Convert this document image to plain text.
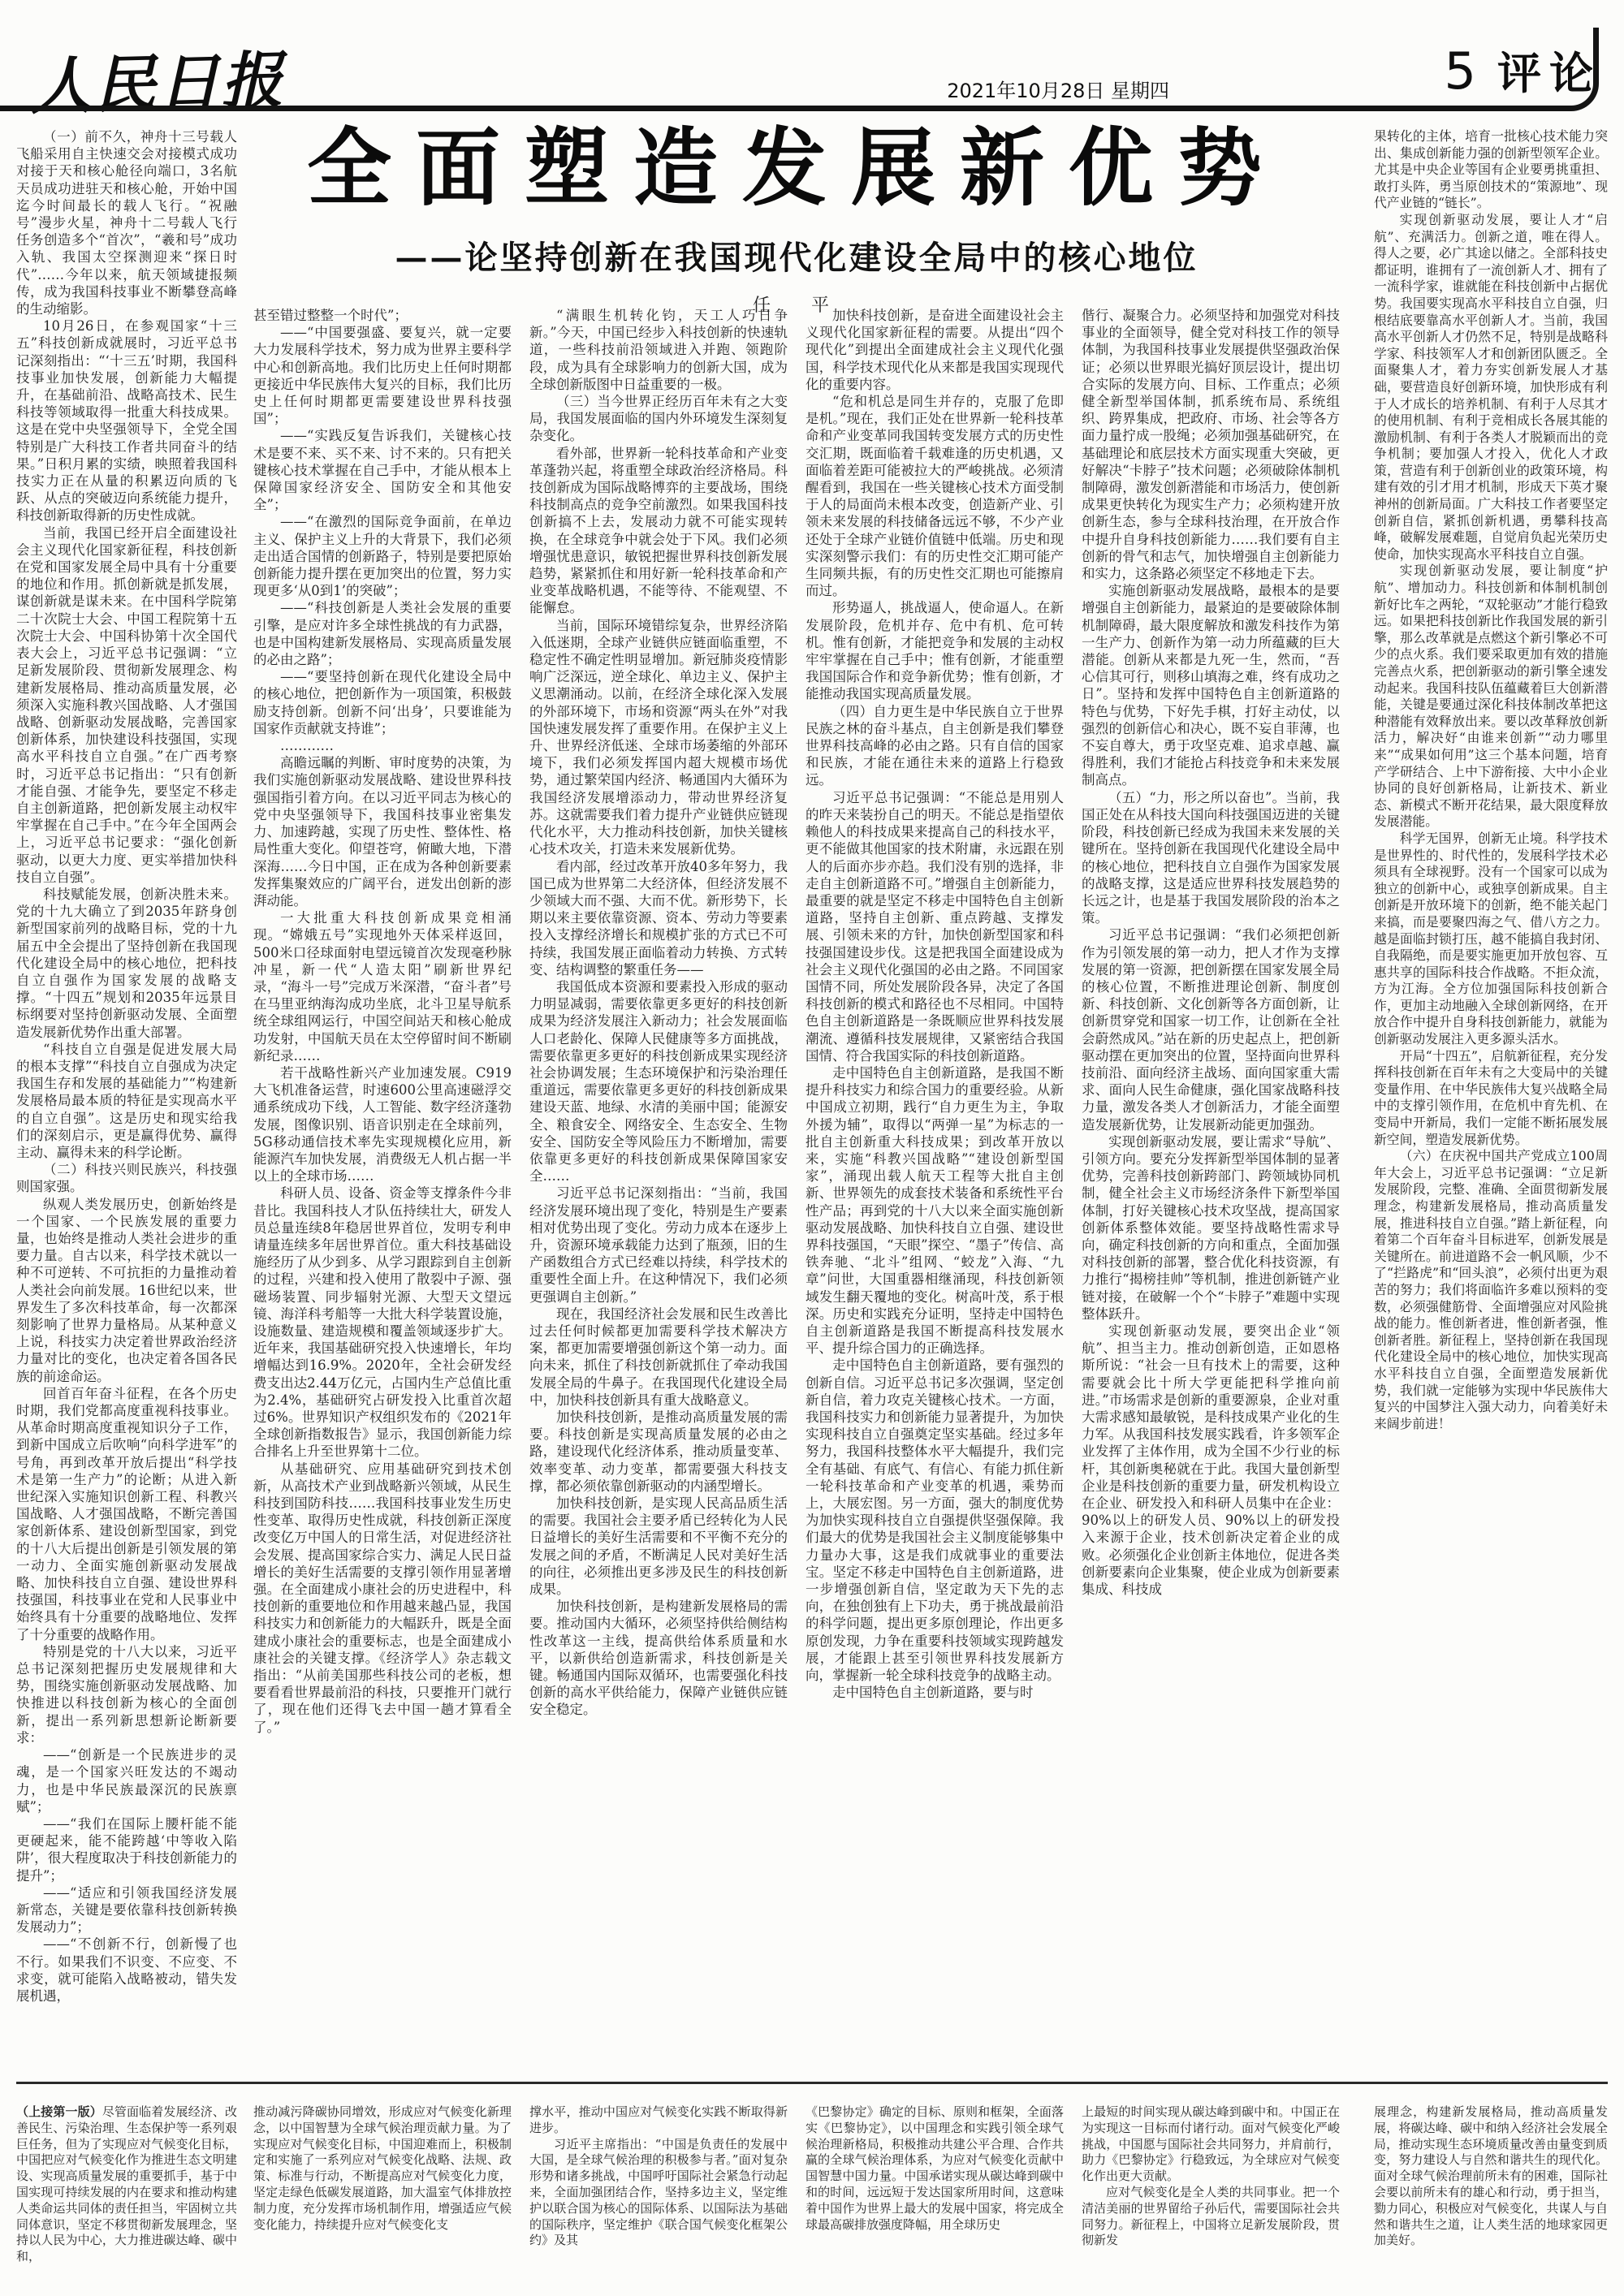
人民日报	2021年10月28日 星期四	5 评论
全面塑造发展新优势
——论坚持创新在我国现代化建设全局中的核心地位
任　平

（一）前不久，神舟十三号载人飞船采用自主快速交会对接模式成功对接于天和核心舱径向端口，3名航天员成功进驻天和核心舱，开始中国迄今时间最长的载人飞行。“祝融号”漫步火星，神舟十二号载人飞行任务创造多个“首次”，“羲和号”成功入轨、我国太空探测迎来“探日时代”……今年以来，航天领域捷报频传，成为我国科技事业不断攀登高峰的生动缩影。

10月26日，在参观国家“十三五”科技创新成就展时，习近平总书记深刻指出：“‘十三五’时期，我国科技事业加快发展，创新能力大幅提升，在基础前沿、战略高技术、民生科技等领域取得一批重大科技成果。这是在党中央坚强领导下，全党全国特别是广大科技工作者共同奋斗的结果。”日积月累的实绩，映照着我国科技实力正在从量的积累迈向质的飞跃、从点的突破迈向系统能力提升，科技创新取得新的历史性成就。

当前，我国已经开启全面建设社会主义现代化国家新征程，科技创新在党和国家发展全局中具有十分重要的地位和作用。抓创新就是抓发展，谋创新就是谋未来。在中国科学院第二十次院士大会、中国工程院第十五次院士大会、中国科协第十次全国代表大会上，习近平总书记强调：“立足新发展阶段、贯彻新发展理念、构建新发展格局、推动高质量发展，必须深入实施科教兴国战略、人才强国战略、创新驱动发展战略，完善国家创新体系，加快建设科技强国，实现高水平科技自立自强。”在广西考察时，习近平总书记指出：“只有创新才能自强、才能争先，要坚定不移走自主创新道路，把创新发展主动权牢牢掌握在自己手中。”在今年全国两会上，习近平总书记要求：“强化创新驱动，以更大力度、更实举措加快科技自立自强”。

科技赋能发展，创新决胜未来。党的十九大确立了到2035年跻身创新型国家前列的战略目标，党的十九届五中全会提出了坚持创新在我国现代化建设全局中的核心地位，把科技自立自强作为国家发展的战略支撑。“十四五”规划和2035年远景目标纲要对坚持创新驱动发展、全面塑造发展新优势作出重大部署。

“科技自立自强是促进发展大局的根本支撑”“科技自立自强成为决定我国生存和发展的基础能力”“构建新发展格局最本质的特征是实现高水平的自立自强”。这是历史和现实给我们的深刻启示，更是赢得优势、赢得主动、赢得未来的科学论断。

（二）科技兴则民族兴，科技强则国家强。

纵观人类发展历史，创新始终是一个国家、一个民族发展的重要力量，也始终是推动人类社会进步的重要力量。自古以来，科学技术就以一种不可逆转、不可抗拒的力量推动着人类社会向前发展。16世纪以来，世界发生了多次科技革命，每一次都深刻影响了世界力量格局。从某种意义上说，科技实力决定着世界政治经济力量对比的变化，也决定着各国各民族的前途命运。

回首百年奋斗征程，在各个历史时期，我们党都高度重视科技事业。从革命时期高度重视知识分子工作，到新中国成立后吹响“向科学进军”的号角，再到改革开放后提出“科学技术是第一生产力”的论断；从进入新世纪深入实施知识创新工程、科教兴国战略、人才强国战略，不断完善国家创新体系、建设创新型国家，到党的十八大后提出创新是引领发展的第一动力、全面实施创新驱动发展战略、加快科技自立自强、建设世界科技强国，科技事业在党和人民事业中始终具有十分重要的战略地位、发挥了十分重要的战略作用。

特别是党的十八大以来，习近平总书记深刻把握历史发展规律和大势，围绕实施创新驱动发展战略、加快推进以科技创新为核心的全面创新，提出一系列新思想新论断新要求：

——“创新是一个民族进步的灵魂，是一个国家兴旺发达的不竭动力，也是中华民族最深沉的民族禀赋”；

——“我们在国际上腰杆能不能更硬起来，能不能跨越‘中等收入陷阱’，很大程度取决于科技创新能力的提升”；

——“适应和引领我国经济发展新常态，关键是要依靠科技创新转换发展动力”；

——“不创新不行，创新慢了也不行。如果我们不识变、不应变、不求变，就可能陷入战略被动，错失发展机遇，

甚至错过整整一个时代”；

——“中国要强盛、要复兴，就一定要大力发展科学技术，努力成为世界主要科学中心和创新高地。我们比历史上任何时期都更接近中华民族伟大复兴的目标，我们比历史上任何时期都更需要建设世界科技强国”；

——“实践反复告诉我们，关键核心技术是要不来、买不来、讨不来的。只有把关键核心技术掌握在自己手中，才能从根本上保障国家经济安全、国防安全和其他安全”；

——“在激烈的国际竞争面前，在单边主义、保护主义上升的大背景下，我们必须走出适合国情的创新路子，特别是要把原始创新能力提升摆在更加突出的位置，努力实现更多‘从0到1’的突破”；

——“科技创新是人类社会发展的重要引擎，是应对许多全球性挑战的有力武器，也是中国构建新发展格局、实现高质量发展的必由之路”；

——“要坚持创新在现代化建设全局中的核心地位，把创新作为一项国策，积极鼓励支持创新。创新不问‘出身’，只要谁能为国家作贡献就支持谁”；

…………

高瞻远瞩的判断、审时度势的决策，为我们实施创新驱动发展战略、建设世界科技强国指引着方向。在以习近平同志为核心的党中央坚强领导下，我国科技事业密集发力、加速跨越，实现了历史性、整体性、格局性重大变化。仰望苍穹，俯瞰大地，下潜深海……今日中国，正在成为各种创新要素发挥集聚效应的广阔平台，迸发出创新的澎湃动能。

一大批重大科技创新成果竞相涌现。“嫦娥五号”实现地外天体采样返回，500米口径球面射电望远镜首次发现毫秒脉冲星，新一代“人造太阳”刷新世界纪录，“海斗一号”完成万米深潜，“奋斗者”号在马里亚纳海沟成功坐底，北斗卫星导航系统全球组网运行，中国空间站天和核心舱成功发射，中国航天员在太空停留时间不断刷新纪录……

若干战略性新兴产业加速发展。C919大飞机准备运营，时速600公里高速磁浮交通系统成功下线，人工智能、数字经济蓬勃发展，图像识别、语音识别走在全球前列，5G移动通信技术率先实现规模化应用，新能源汽车加快发展，消费级无人机占据一半以上的全球市场……

科研人员、设备、资金等支撑条件今非昔比。我国科技人才队伍持续壮大，研发人员总量连续8年稳居世界首位，发明专利申请量连续多年居世界首位。重大科技基础设施经历了从少到多、从学习跟踪到自主创新的过程，兴建和投入使用了散裂中子源、强磁场装置、同步辐射光源、大型天文望远镜、海洋科考船等一大批大科学装置设施，设施数量、建造规模和覆盖领域逐步扩大。近年来，我国基础研究投入快速增长，年均增幅达到16.9%。2020年，全社会研发经费支出达2.44万亿元，占国内生产总值比重为2.4%，基础研究占研发投入比重首次超过6%。世界知识产权组织发布的《2021年全球创新指数报告》显示，我国创新能力综合排名上升至世界第十二位。

从基础研究、应用基础研究到技术创新，从高技术产业到战略新兴领域，从民生科技到国防科技……我国科技事业发生历史性变革、取得历史性成就，科技创新正深度改变亿万中国人的日常生活，对促进经济社会发展、提高国家综合实力、满足人民日益增长的美好生活需要的支撑引领作用显著增强。在全面建成小康社会的历史进程中，科技创新的重要地位和作用越来越凸显，我国科技实力和创新能力的大幅跃升，既是全面建成小康社会的重要标志，也是全面建成小康社会的关键支撑。《经济学人》杂志载文指出：“从前美国那些科技公司的老板，想要看看世界最前沿的科技，只要推开门就行了，现在他们还得飞去中国一趟才算看全了。”

“满眼生机转化钧，天工人巧日争新。”今天，中国已经步入科技创新的快速轨道，一些科技前沿领域进入并跑、领跑阶段，成为具有全球影响力的创新大国，成为全球创新版图中日益重要的一极。

（三）当今世界正经历百年未有之大变局，我国发展面临的国内外环境发生深刻复杂变化。

看外部，世界新一轮科技革命和产业变革蓬勃兴起，将重塑全球政治经济格局。科技创新成为国际战略博弈的主要战场，围绕科技制高点的竞争空前激烈。如果我国科技创新搞不上去，发展动力就不可能实现转换，在全球竞争中就会处于下风。我们必须增强忧患意识，敏锐把握世界科技创新发展趋势，紧紧抓住和用好新一轮科技革命和产业变革战略机遇，不能等待、不能观望、不能懈怠。

当前，国际环境错综复杂，世界经济陷入低迷期，全球产业链供应链面临重塑，不稳定性不确定性明显增加。新冠肺炎疫情影响广泛深远，逆全球化、单边主义、保护主义思潮涌动。以前，在经济全球化深入发展的外部环境下，市场和资源“两头在外”对我国快速发展发挥了重要作用。在保护主义上升、世界经济低迷、全球市场萎缩的外部环境下，我们必须发挥国内超大规模市场优势，通过繁荣国内经济、畅通国内大循环为我国经济发展增添动力，带动世界经济复苏。这就需要我们着力提升产业链供应链现代化水平，大力推动科技创新，加快关键核心技术攻关，打造未来发展新优势。

看内部，经过改革开放40多年努力，我国已成为世界第二大经济体，但经济发展不少领域大而不强、大而不优。新形势下，长期以来主要依靠资源、资本、劳动力等要素投入支撑经济增长和规模扩张的方式已不可持续，我国发展正面临着动力转换、方式转变、结构调整的繁重任务——

我国低成本资源和要素投入形成的驱动力明显减弱，需要依靠更多更好的科技创新成果为经济发展注入新动力；社会发展面临人口老龄化、保障人民健康等多方面挑战，需要依靠更多更好的科技创新成果实现经济社会协调发展；生态环境保护和污染治理任重道远，需要依靠更多更好的科技创新成果建设天蓝、地绿、水清的美丽中国；能源安全、粮食安全、网络安全、生态安全、生物安全、国防安全等风险压力不断增加，需要依靠更多更好的科技创新成果保障国家安全……

习近平总书记深刻指出：“当前，我国经济发展环境出现了变化，特别是生产要素相对优势出现了变化。劳动力成本在逐步上升，资源环境承载能力达到了瓶颈，旧的生产函数组合方式已经难以持续，科学技术的重要性全面上升。在这种情况下，我们必须更强调自主创新。”

现在，我国经济社会发展和民生改善比过去任何时候都更加需要科学技术解决方案，都更加需要增强创新这个第一动力。面向未来，抓住了科技创新就抓住了牵动我国发展全局的牛鼻子。在我国现代化建设全局中，加快科技创新具有重大战略意义。

加快科技创新，是推动高质量发展的需要。科技创新是实现高质量发展的必由之路，建设现代化经济体系，推动质量变革、效率变革、动力变革，都需要强大科技支撑，都必须依靠创新驱动的内涵型增长。

加快科技创新，是实现人民高品质生活的需要。我国社会主要矛盾已经转化为人民日益增长的美好生活需要和不平衡不充分的发展之间的矛盾，不断满足人民对美好生活的向往，必须推出更多涉及民生的科技创新成果。

加快科技创新，是构建新发展格局的需要。推动国内大循环，必须坚持供给侧结构性改革这一主线，提高供给体系质量和水平，以新供给创造新需求，科技创新是关键。畅通国内国际双循环，也需要强化科技创新的高水平供给能力，保障产业链供应链安全稳定。

加快科技创新，是奋进全面建设社会主义现代化国家新征程的需要。从提出“四个现代化”到提出全面建成社会主义现代化强国，科学技术现代化从来都是我国实现现代化的重要内容。

“危和机总是同生并存的，克服了危即是机。”现在，我们正处在世界新一轮科技革命和产业变革同我国转变发展方式的历史性交汇期，既面临着千载难逢的历史机遇，又面临着差距可能被拉大的严峻挑战。必须清醒看到，我国在一些关键核心技术方面受制于人的局面尚未根本改变，创造新产业、引领未来发展的科技储备远远不够，不少产业还处于全球产业链价值链中低端。历史和现实深刻警示我们：有的历史性交汇期可能产生同频共振，有的历史性交汇期也可能擦肩而过。

形势逼人，挑战逼人，使命逼人。在新发展阶段，危机并存、危中有机、危可转机。惟有创新，才能把竞争和发展的主动权牢牢掌握在自己手中；惟有创新，才能重塑我国国际合作和竞争新优势；惟有创新，才能推动我国实现高质量发展。

（四）自力更生是中华民族自立于世界民族之林的奋斗基点，自主创新是我们攀登世界科技高峰的必由之路。只有自信的国家和民族，才能在通往未来的道路上行稳致远。

习近平总书记强调：“不能总是用别人的昨天来装扮自己的明天。不能总是指望依赖他人的科技成果来提高自己的科技水平，更不能做其他国家的技术附庸，永远跟在别人的后面亦步亦趋。我们没有别的选择，非走自主创新道路不可。”增强自主创新能力，最重要的就是坚定不移走中国特色自主创新道路，坚持自主创新、重点跨越、支撑发展、引领未来的方针，加快创新型国家和科技强国建设步伐。这是把我国全面建设成为社会主义现代化强国的必由之路。不同国家国情不同，所处发展阶段各异，决定了各国科技创新的模式和路径也不尽相同。中国特色自主创新道路是一条既顺应世界科技发展潮流、遵循科技发展规律，又紧密结合我国国情、符合我国实际的科技创新道路。

走中国特色自主创新道路，是我国不断提升科技实力和综合国力的重要经验。从新中国成立初期，践行“自力更生为主，争取外援为辅”，取得以“两弹一星”为标志的一批自主创新重大科技成果；到改革开放以来，实施“科教兴国战略”“建设创新型国家”，涌现出载人航天工程等大批自主创新、世界领先的成套技术装备和系统性平台性产品；再到党的十八大以来全面实施创新驱动发展战略、加快科技自立自强、建设世界科技强国，“天眼”探空、“墨子”传信、高铁奔驰、“北斗”组网、“蛟龙”入海、“九章”问世，大国重器相继涌现，科技创新领域发生翻天覆地的变化。树高叶茂，系于根深。历史和实践充分证明，坚持走中国特色自主创新道路是我国不断提高科技发展水平、提升综合国力的正确选择。

走中国特色自主创新道路，要有强烈的创新自信。习近平总书记多次强调，坚定创新自信，着力攻克关键核心技术。一方面，我国科技实力和创新能力显著提升，为加快实现科技自立自强奠定坚实基础。经过多年努力，我国科技整体水平大幅提升，我们完全有基础、有底气、有信心、有能力抓住新一轮科技革命和产业变革的机遇，乘势而上，大展宏图。另一方面，强大的制度优势为加快实现科技自立自强提供坚强保障。我们最大的优势是我国社会主义制度能够集中力量办大事，这是我们成就事业的重要法宝。坚定不移走中国特色自主创新道路，进一步增强创新自信，坚定敢为天下先的志向，在独创独有上下功夫，勇于挑战最前沿的科学问题，提出更多原创理论，作出更多原创发现，力争在重要科技领域实现跨越发展，才能跟上甚至引领世界科技发展新方向，掌握新一轮全球科技竞争的战略主动。

走中国特色自主创新道路，要与时

偕行、凝聚合力。必须坚持和加强党对科技事业的全面领导，健全党对科技工作的领导体制，为我国科技事业发展提供坚强政治保证；必须以世界眼光搞好顶层设计，提出切合实际的发展方向、目标、工作重点；必须健全新型举国体制，抓系统布局、系统组织、跨界集成，把政府、市场、社会等各方面力量拧成一股绳；必须加强基础研究，在基础理论和底层技术方面实现重大突破，更好解决“卡脖子”技术问题；必须破除体制机制障碍，激发创新潜能和市场活力，使创新成果更快转化为现实生产力；必须构建开放创新生态，参与全球科技治理，在开放合作中提升自身科技创新能力……我们要有自主创新的骨气和志气，加快增强自主创新能力和实力，这条路必须坚定不移地走下去。

实施创新驱动发展战略，最根本的是要增强自主创新能力，最紧迫的是要破除体制机制障碍，最大限度解放和激发科技作为第一生产力、创新作为第一动力所蕴藏的巨大潜能。创新从来都是九死一生，然而，“吾心信其可行，则移山填海之难，终有成功之日”。坚持和发挥中国特色自主创新道路的特色与优势，下好先手棋，打好主动仗，以强烈的创新信心和决心，既不妄自菲薄，也不妄自尊大，勇于攻坚克难、追求卓越、赢得胜利，我们才能抢占科技竞争和未来发展制高点。

（五）“力，形之所以奋也”。当前，我国正处在从科技大国向科技强国迈进的关键阶段，科技创新已经成为我国未来发展的关键所在。坚持创新在我国现代化建设全局中的核心地位，把科技自立自强作为国家发展的战略支撑，这是适应世界科技发展趋势的长远之计，也是基于我国发展阶段的治本之策。

习近平总书记强调：“我们必须把创新作为引领发展的第一动力，把人才作为支撑发展的第一资源，把创新摆在国家发展全局的核心位置，不断推进理论创新、制度创新、科技创新、文化创新等各方面创新，让创新贯穿党和国家一切工作，让创新在全社会蔚然成风。”站在新的历史起点上，把创新驱动摆在更加突出的位置，坚持面向世界科技前沿、面向经济主战场、面向国家重大需求、面向人民生命健康，强化国家战略科技力量，激发各类人才创新活力，才能全面塑造发展新优势，让发展新动能更加强劲。

实现创新驱动发展，要让需求“导航”、引领方向。要充分发挥新型举国体制的显著优势，完善科技创新跨部门、跨领域协同机制，健全社会主义市场经济条件下新型举国体制，打好关键核心技术攻坚战，提高国家创新体系整体效能。要坚持战略性需求导向，确定科技创新的方向和重点，全面加强对科技创新的部署，整合优化科技资源，有力推行“揭榜挂帅”等机制，推进创新链产业链对接，在破解一个个“卡脖子”难题中实现整体跃升。

实现创新驱动发展，要突出企业“领航”、担当主力。推动创新创造，正如恩格斯所说：“社会一旦有技术上的需要，这种需要就会比十所大学更能把科学推向前进。”市场需求是创新的重要源泉，企业对重大需求感知最敏锐，是科技成果产业化的生力军。从我国科技发展实践看，许多领军企业发挥了主体作用，成为全国不少行业的标杆，其创新奥秘就在于此。我国大量创新型企业是科技创新的重要力量，研发机构设立在企业、研发投入和科研人员集中在企业：90%以上的研发人员、90%以上的研发投入来源于企业，技术创新决定着企业的成败。必须强化企业创新主体地位，促进各类创新要素向企业集聚，使企业成为创新要素集成、科技成

果转化的主体，培育一批核心技术能力突出、集成创新能力强的创新型领军企业。尤其是中央企业等国有企业要勇挑重担、敢打头阵，勇当原创技术的“策源地”、现代产业链的“链长”。

实现创新驱动发展，要让人才“启航”、充满活力。创新之道，唯在得人。得人之要，必广其途以储之。全部科技史都证明，谁拥有了一流创新人才、拥有了一流科学家，谁就能在科技创新中占据优势。我国要实现高水平科技自立自强，归根结底要靠高水平创新人才。当前，我国高水平创新人才仍然不足，特别是战略科学家、科技领军人才和创新团队匮乏。全面聚集人才，着力夯实创新发展人才基础，要营造良好创新环境，加快形成有利于人才成长的培养机制、有利于人尽其才的使用机制、有利于竞相成长各展其能的激励机制、有利于各类人才脱颖而出的竞争机制；要加强人才投入，优化人才政策，营造有利于创新创业的政策环境，构建有效的引才用才机制，形成天下英才聚神州的创新局面。广大科技工作者要坚定创新自信，紧抓创新机遇，勇攀科技高峰，破解发展难题，自觉肩负起光荣历史使命，加快实现高水平科技自立自强。

实现创新驱动发展，要让制度“护航”、增加动力。科技创新和体制机制创新好比车之两轮，“双轮驱动”才能行稳致远。如果把科技创新比作我国发展的新引擎，那么改革就是点燃这个新引擎必不可少的点火系。我们要采取更加有效的措施完善点火系，把创新驱动的新引擎全速发动起来。我国科技队伍蕴藏着巨大创新潜能，关键是要通过深化科技体制改革把这种潜能有效释放出来。要以改革释放创新活力，解决好“由谁来创新”“动力哪里来”“成果如何用”这三个基本问题，培育产学研结合、上中下游衔接、大中小企业协同的良好创新格局，让新技术、新业态、新模式不断开花结果，最大限度释放发展潜能。

科学无国界，创新无止境。科学技术是世界性的、时代性的，发展科学技术必须具有全球视野。没有一个国家可以成为独立的创新中心，或独享创新成果。自主创新是开放环境下的创新，绝不能关起门来搞，而是要聚四海之气、借八方之力。越是面临封锁打压，越不能搞自我封闭、自我隔绝，而是要实施更加开放包容、互惠共享的国际科技合作战略。不拒众流，方为江海。全方位加强国际科技创新合作，更加主动地融入全球创新网络，在开放合作中提升自身科技创新能力，就能为创新驱动发展注入更多源头活水。

开局“十四五”，启航新征程，充分发挥科技创新在百年未有之大变局中的关键变量作用、在中华民族伟大复兴战略全局中的支撑引领作用，在危机中育先机、在变局中开新局，我们一定能不断拓展发展新空间，塑造发展新优势。

（六）在庆祝中国共产党成立100周年大会上，习近平总书记强调：“立足新发展阶段，完整、准确、全面贯彻新发展理念，构建新发展格局，推动高质量发展，推进科技自立自强。”踏上新征程，向着第二个百年奋斗目标进军，创新发展是关键所在。前进道路不会一帆风顺，少不了“拦路虎”和“回头浪”，必须付出更为艰苦的努力；我们将面临许多难以预料的变数，必须强健筋骨、全面增强应对风险挑战的能力。惟创新者进，惟创新者强，惟创新者胜。新征程上，坚持创新在我国现代化建设全局中的核心地位，加快实现高水平科技自立自强，全面塑造发展新优势，我们就一定能够为实现中华民族伟大复兴的中国梦注入强大动力，向着美好未来阔步前进！

（上接第一版）尽管面临着发展经济、改善民生、污染治理、生态保护等一系列艰巨任务，但为了实现应对气候变化目标，中国把应对气候变化作为推进生态文明建设、实现高质量发展的重要抓手，基于中国实现可持续发展的内在要求和推动构建人类命运共同体的责任担当，牢固树立共同体意识，坚定不移贯彻新发展理念，坚持以人民为中心，大力推进碳达峰、碳中和，

推动减污降碳协同增效，形成应对气候变化新理念，以中国智慧为全球气候治理贡献力量。为了实现应对气候变化目标，中国迎难而上，积极制定和实施了一系列应对气候变化战略、法规、政策、标准与行动，不断提高应对气候变化力度，坚定走绿色低碳发展道路，加大温室气体排放控制力度，充分发挥市场机制作用，增强适应气候变化能力，持续提升应对气候变化支

撑水平，推动中国应对气候变化实践不断取得新进步。

习近平主席指出：“中国是负责任的发展中大国，是全球气候治理的积极参与者。”面对复杂形势和诸多挑战，中国呼吁国际社会紧急行动起来，全面加强团结合作，坚持多边主义，坚定维护以联合国为核心的国际体系、以国际法为基础的国际秩序，坚定维护《联合国气候变化框架公约》及其

《巴黎协定》确定的目标、原则和框架，全面落实《巴黎协定》，以中国理念和实践引领全球气候治理新格局，积极推动共建公平合理、合作共赢的全球气候治理体系，为应对气候变化贡献中国智慧中国力量。中国承诺实现从碳达峰到碳中和的时间，远远短于发达国家所用时间，这意味着中国作为世界上最大的发展中国家，将完成全球最高碳排放强度降幅，用全球历史

上最短的时间实现从碳达峰到碳中和。中国正在为实现这一目标而付诸行动。面对气候变化严峻挑战，中国愿与国际社会共同努力，并肩前行，助力《巴黎协定》行稳致远，为全球应对气候变化作出更大贡献。

应对气候变化是全人类的共同事业。把一个清洁美丽的世界留给子孙后代，需要国际社会共同努力。新征程上，中国将立足新发展阶段，贯彻新发

展理念，构建新发展格局，推动高质量发展，将碳达峰、碳中和纳入经济社会发展全局，推动实现生态环境质量改善由量变到质变，努力建设人与自然和谐共生的现代化。面对全球气候治理前所未有的困难，国际社会要以前所未有的雄心和行动，勇于担当，勠力同心，积极应对气候变化，共谋人与自然和谐共生之道，让人类生活的地球家园更加美好。
